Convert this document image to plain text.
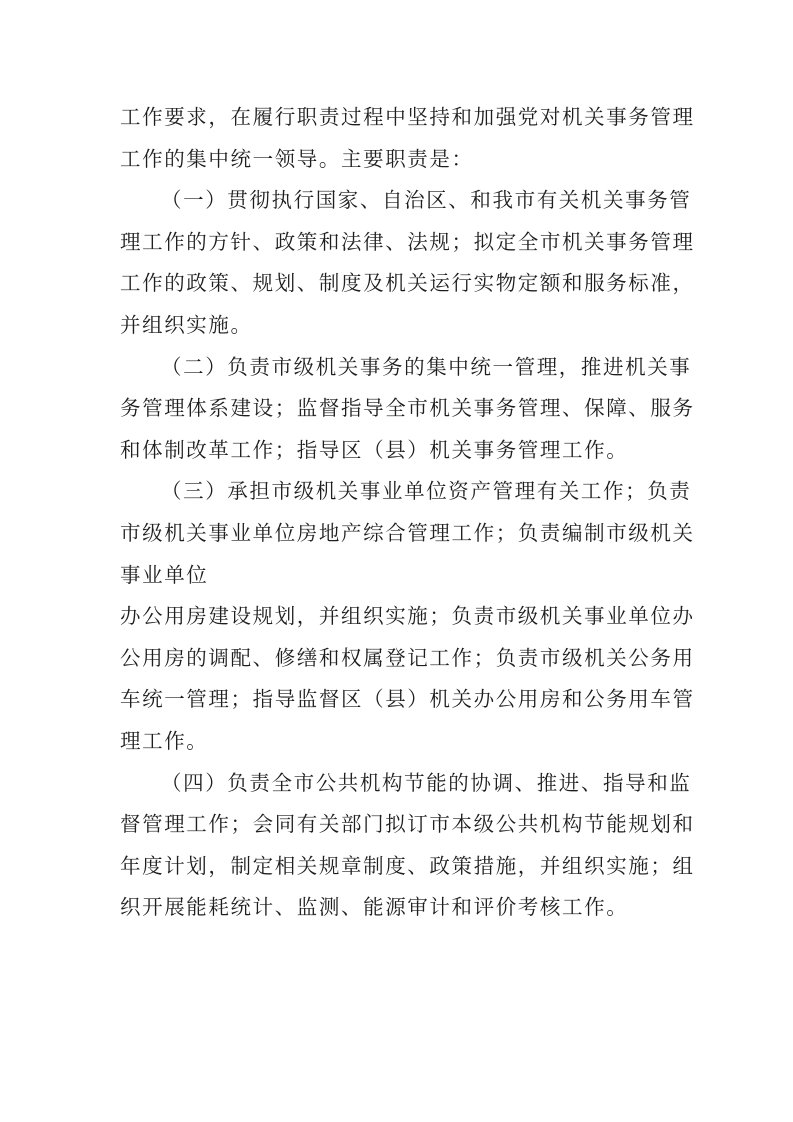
工作要求，在履行职责过程中坚持和加强党对机关事务管理
工作的集中统一领导。主要职责是：
（一）贯彻执行国家、自治区、和我市有关机关事务管
理工作的方针、政策和法律、法规；拟定全市机关事务管理
工作的政策、规划、制度及机关运行实物定额和服务标准，
并组织实施。
（二）负责市级机关事务的集中统一管理，推进机关事
务管理体系建设；监督指导全市机关事务管理、保障、服务
和体制改革工作；指导区（县）机关事务管理工作。
（三）承担市级机关事业单位资产管理有关工作；负责
市级机关事业单位房地产综合管理工作；负责编制市级机关
事业单位
办公用房建设规划，并组织实施；负责市级机关事业单位办
公用房的调配、修缮和权属登记工作；负责市级机关公务用
车统一管理；指导监督区（县）机关办公用房和公务用车管
理工作。
（四）负责全市公共机构节能的协调、推进、指导和监
督管理工作；会同有关部门拟订市本级公共机构节能规划和
年度计划，制定相关规章制度、政策措施，并组织实施；组
织开展能耗统计、监测、能源审计和评价考核工作。
